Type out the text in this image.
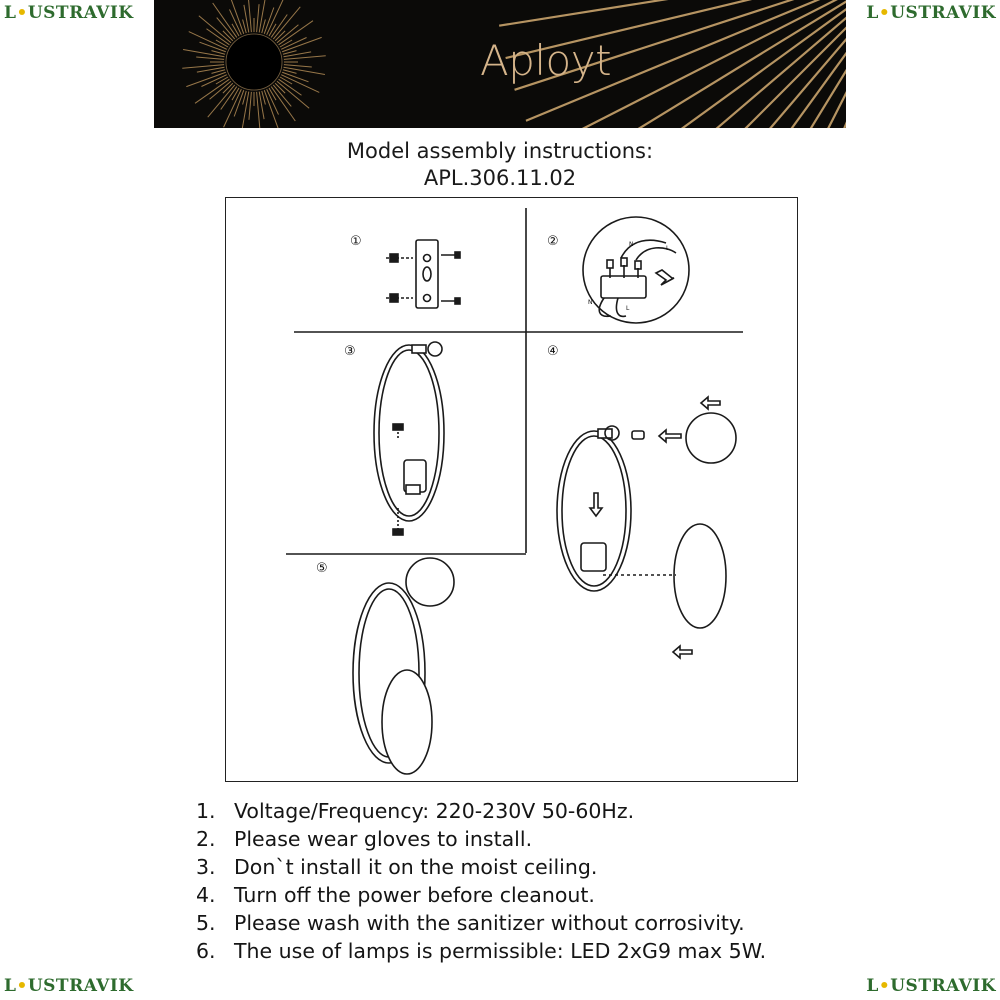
L•USTRAVIK	L•USTRAVIK
L•USTRAVIK	L•USTRAVIK
Aployt
Model assembly instructions:
APL.306.11.02
①	②
③	④
⑤
N
L
N
L
1. Voltage/Frequency: 220-230V 50-60Hz.
2. Please wear gloves to install.
3. Don`t install it on the moist ceiling.
4. Turn off the power before cleanout.
5. Please wash with the sanitizer without corrosivity.
6. The use of lamps is permissible: LED 2xG9 max 5W.
